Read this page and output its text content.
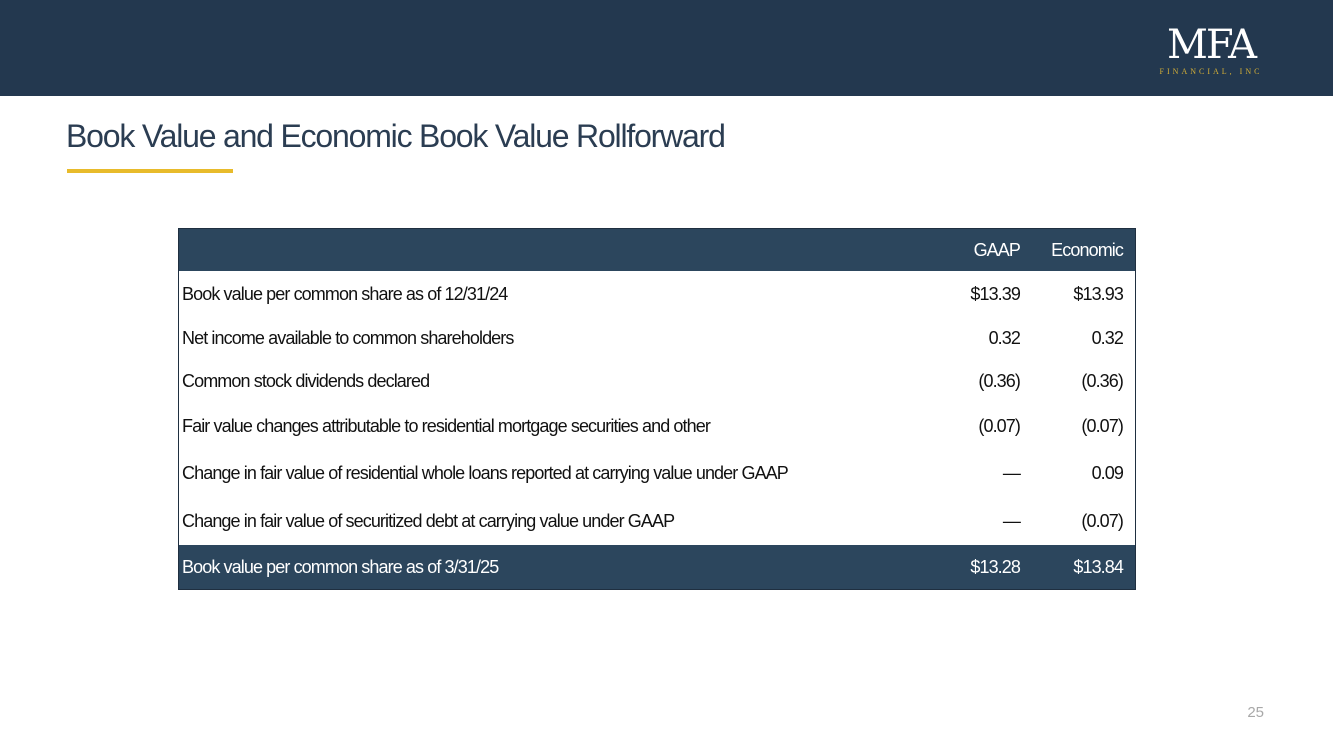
MFA
FINANCIAL, INC
Book Value and Economic Book Value Rollforward
	GAAP	Economic
Book value per common share as of 12/31/24	$13.39	$13.93
Net income available to common shareholders	0.32	0.32
Common stock dividends declared	(0.36)	(0.36)
Fair value changes attributable to residential mortgage securities and other	(0.07)	(0.07)
Change in fair value of residential whole loans reported at carrying value under GAAP	—	0.09
Change in fair value of securitized debt at carrying value under GAAP	—	(0.07)
Book value per common share as of 3/31/25	$13.28	$13.84
25
